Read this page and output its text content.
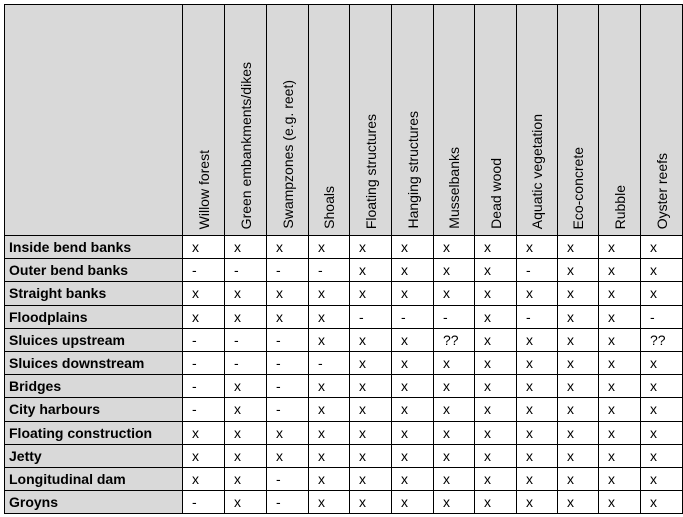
	Willow forest	Green embankments/dikes	Swampzones (e.g. reet)	Shoals	Floating structures	Hanging structures	Musselbanks	Dead wood	Aquatic vegetation	Eco-concrete	Rubble	Oyster reefs

Inside bend banks	x	x	x	x	x	x	x	x	x	x	x	x
Outer bend banks	-	-	-	-	x	x	x	x	-	x	x	x
Straight banks	x	x	x	x	x	x	x	x	x	x	x	x
Floodplains	x	x	x	x	-	-	-	x	-	x	x	-
Sluices upstream	-	-	-	x	x	x	??	x	x	x	x	??
Sluices downstream	-	-	-	-	x	x	x	x	x	x	x	x
Bridges	-	x	-	x	x	x	x	x	x	x	x	x
City harbours	-	x	-	x	x	x	x	x	x	x	x	x
Floating construction	x	x	x	x	x	x	x	x	x	x	x	x
Jetty	x	x	x	x	x	x	x	x	x	x	x	x
Longitudinal dam	x	x	-	x	x	x	x	x	x	x	x	x
Groyns	-	x	-	x	x	x	x	x	x	x	x	x
